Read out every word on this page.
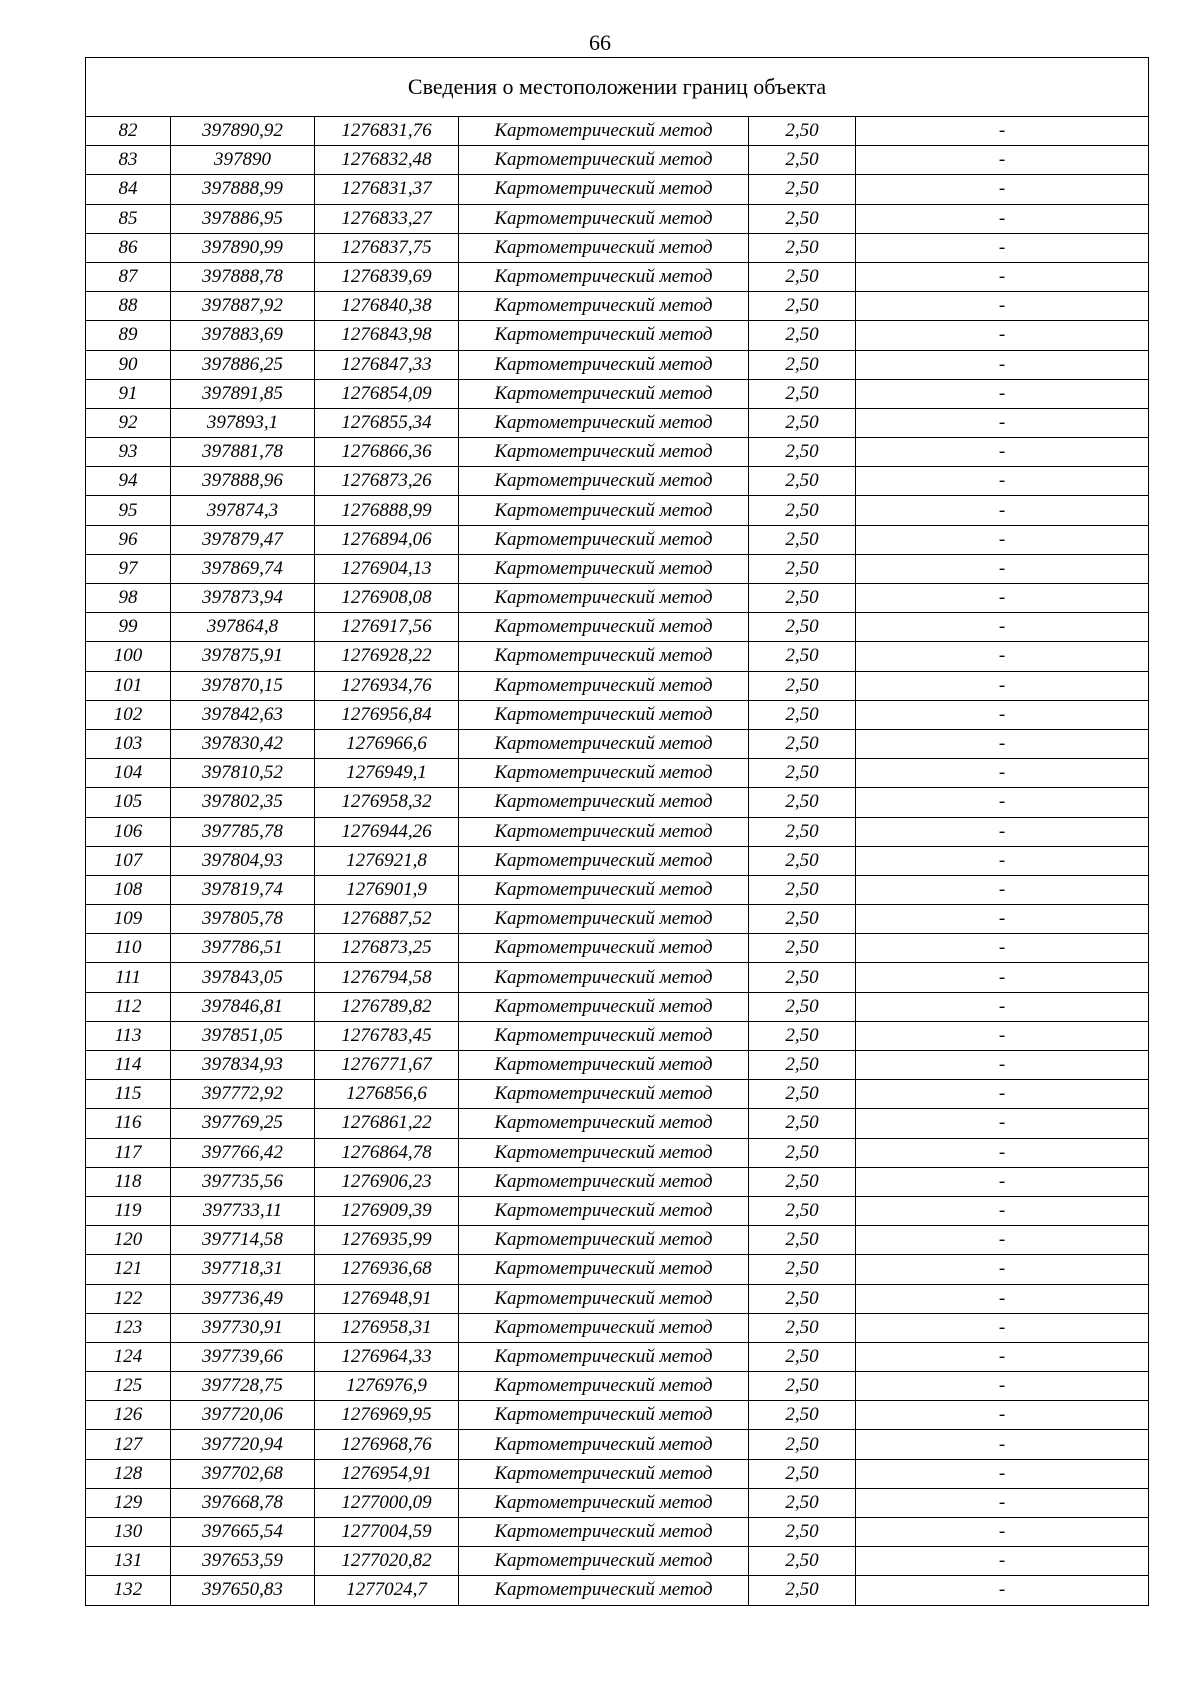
66
Сведения о местоположении границ объекта					
82	397890,92	1276831,76	Картометрический метод	2,50	-
83	397890	1276832,48	Картометрический метод	2,50	-
84	397888,99	1276831,37	Картометрический метод	2,50	-
85	397886,95	1276833,27	Картометрический метод	2,50	-
86	397890,99	1276837,75	Картометрический метод	2,50	-
87	397888,78	1276839,69	Картометрический метод	2,50	-
88	397887,92	1276840,38	Картометрический метод	2,50	-
89	397883,69	1276843,98	Картометрический метод	2,50	-
90	397886,25	1276847,33	Картометрический метод	2,50	-
91	397891,85	1276854,09	Картометрический метод	2,50	-
92	397893,1	1276855,34	Картометрический метод	2,50	-
93	397881,78	1276866,36	Картометрический метод	2,50	-
94	397888,96	1276873,26	Картометрический метод	2,50	-
95	397874,3	1276888,99	Картометрический метод	2,50	-
96	397879,47	1276894,06	Картометрический метод	2,50	-
97	397869,74	1276904,13	Картометрический метод	2,50	-
98	397873,94	1276908,08	Картометрический метод	2,50	-
99	397864,8	1276917,56	Картометрический метод	2,50	-
100	397875,91	1276928,22	Картометрический метод	2,50	-
101	397870,15	1276934,76	Картометрический метод	2,50	-
102	397842,63	1276956,84	Картометрический метод	2,50	-
103	397830,42	1276966,6	Картометрический метод	2,50	-
104	397810,52	1276949,1	Картометрический метод	2,50	-
105	397802,35	1276958,32	Картометрический метод	2,50	-
106	397785,78	1276944,26	Картометрический метод	2,50	-
107	397804,93	1276921,8	Картометрический метод	2,50	-
108	397819,74	1276901,9	Картометрический метод	2,50	-
109	397805,78	1276887,52	Картометрический метод	2,50	-
110	397786,51	1276873,25	Картометрический метод	2,50	-
111	397843,05	1276794,58	Картометрический метод	2,50	-
112	397846,81	1276789,82	Картометрический метод	2,50	-
113	397851,05	1276783,45	Картометрический метод	2,50	-
114	397834,93	1276771,67	Картометрический метод	2,50	-
115	397772,92	1276856,6	Картометрический метод	2,50	-
116	397769,25	1276861,22	Картометрический метод	2,50	-
117	397766,42	1276864,78	Картометрический метод	2,50	-
118	397735,56	1276906,23	Картометрический метод	2,50	-
119	397733,11	1276909,39	Картометрический метод	2,50	-
120	397714,58	1276935,99	Картометрический метод	2,50	-
121	397718,31	1276936,68	Картометрический метод	2,50	-
122	397736,49	1276948,91	Картометрический метод	2,50	-
123	397730,91	1276958,31	Картометрический метод	2,50	-
124	397739,66	1276964,33	Картометрический метод	2,50	-
125	397728,75	1276976,9	Картометрический метод	2,50	-
126	397720,06	1276969,95	Картометрический метод	2,50	-
127	397720,94	1276968,76	Картометрический метод	2,50	-
128	397702,68	1276954,91	Картометрический метод	2,50	-
129	397668,78	1277000,09	Картометрический метод	2,50	-
130	397665,54	1277004,59	Картометрический метод	2,50	-
131	397653,59	1277020,82	Картометрический метод	2,50	-
132	397650,83	1277024,7	Картометрический метод	2,50	-
